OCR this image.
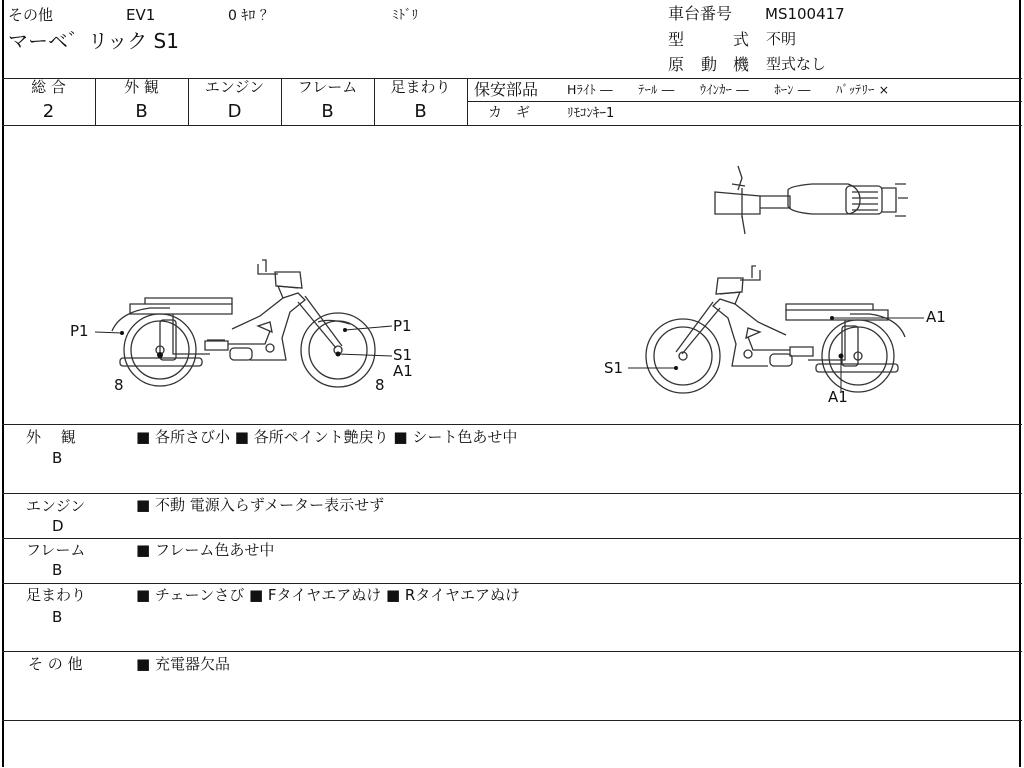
その他	EV1	0 ｷﾛ ？	ﾐﾄﾞﾘ
マーベ゛リック S1
車台番号 MS100417
型	式 不明
原 動 機 型式なし
総 合
2
外 観
B
エンジン
D
フレーム
B
足まわり
B
保安部品 Hﾗｲﾄ ―　　ﾃｰﾙ ―　　ｳｲﾝｶｰ ―　　ﾎｰﾝ ―　　ﾊﾞｯﾃﾘｰ ×
カ　ギ	ﾘﾓｺﾝｷｰ1
P1	P1
S1
A1
8	8
A1
S1
A1
外　 観
B
■ 各所さび小 ■ 各所ペイント艶戻り ■ シート色あせ中
エンジン
D
■ 不動 電源入らずメーター表示せず
フレーム
B
■ フレーム色あせ中
足まわり
B
■ チェーンさび ■ Fタイヤエアぬけ ■ Rタイヤエアぬけ
そ の 他	■ 充電器欠品
